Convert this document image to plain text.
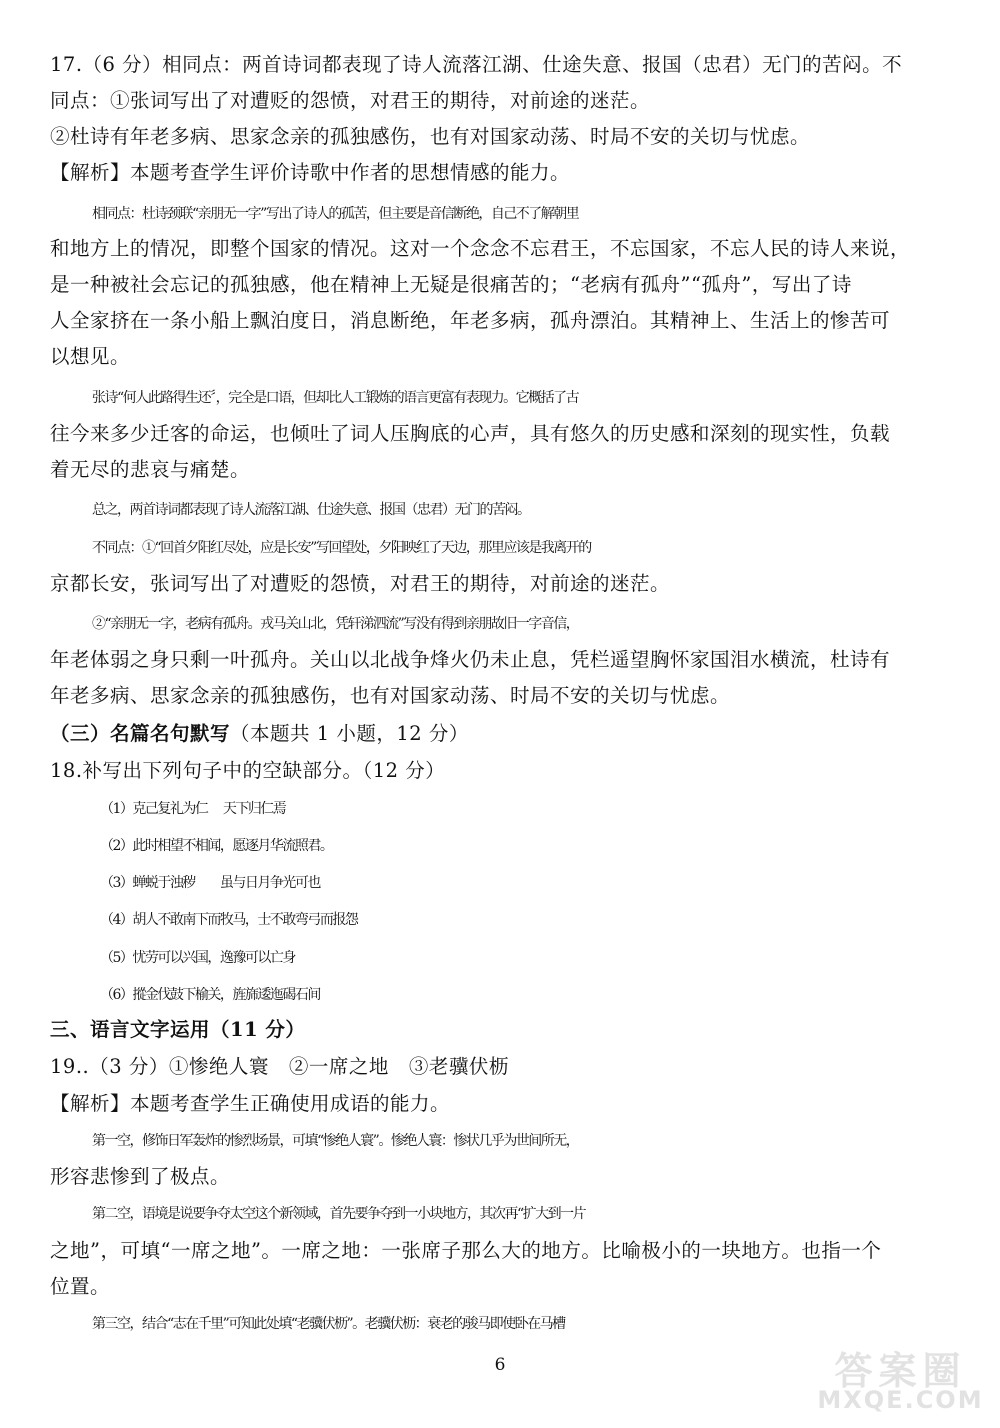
17.（6 分）相同点：两首诗词都表现了诗人流落江湖、仕途失意、报国（忠君）无门的苦闷。不
同点：①张词写出了对遭贬的怨愤，对君王的期待，对前途的迷茫。
②杜诗有年老多病、思家念亲的孤独感伤，也有对国家动荡、时局不安的关切与忧虑。
【解析】本题考查学生评价诗歌中作者的思想情感的能力。
相同点：杜诗颈联“亲朋无一字”写出了诗人的孤苦，但主要是音信断绝，自己不了解朝里
和地方上的情况，即整个国家的情况。这对一个念念不忘君王，不忘国家，不忘人民的诗人来说，
是一种被社会忘记的孤独感，他在精神上无疑是很痛苦的；“老病有孤舟”“孤舟”，写出了诗
人全家挤在一条小船上飘泊度日，消息断绝，年老多病，孤舟漂泊。其精神上、生活上的惨苦可
以想见。
张诗“何人此路得生还〞，完全是口语，但却比人工锻炼的语言更富有表现力。它概括了古
往今来多少迁客的命运，也倾吐了词人压胸底的心声，具有悠久的历史感和深刻的现实性，负载
着无尽的悲哀与痛楚。
总之，两首诗词都表现了诗人流落江湖、仕途失意、报国（忠君）无门的苦闷。
不同点：①“回首夕阳红尽处，应是长安”写回望处，夕阳映红了天边，那里应该是我离开的
京都长安，张词写出了对遭贬的怨愤，对君王的期待，对前途的迷茫。
②“亲朋无一字，老病有孤舟。戎马关山北，凭轩涕泗流”写没有得到亲朋故旧一字音信，
年老体弱之身只剩一叶孤舟。关山以北战争烽火仍未止息，凭栏遥望胸怀家国泪水横流，杜诗有
年老多病、思家念亲的孤独感伤，也有对国家动荡、时局不安的关切与忧虑。
（三）名篇名句默写（本题共 1 小题，12 分）
18.补写出下列句子中的空缺部分。（12 分）
（1）克己复礼为仁　 天下归仁焉
（2）此时相望不相闻，愿逐月华流照君。
（3）蝉蜕于浊秽　　虽与日月争光可也
（4）胡人不敢南下而牧马，士不敢弯弓而报怨
（5）忧劳可以兴国，逸豫可以亡身
（6）摐金伐鼓下榆关，旌旆逶迤碣石间
三、语言文字运用（11 分）
19..（3 分）①惨绝人寰　②一席之地　③老骥伏枥
【解析】本题考查学生正确使用成语的能力。
第一空，修饰日军轰炸的惨烈场景，可填“惨绝人寰”。惨绝人寰：惨状几乎为世间所无，
形容悲惨到了极点。
第二空，语境是说要争夺太空这个新领域，首先要争夺到一小块地方，其次再“扩大到一片
之地”，可填“一席之地”。一席之地：一张席子那么大的地方。比喻极小的一块地方。也指一个
位置。
第三空，结合“志在千里”可知此处填“老骥伏枥”。老骥伏枥：衰老的骏马即使卧在马槽
6	答案圈
MXQE.COM
